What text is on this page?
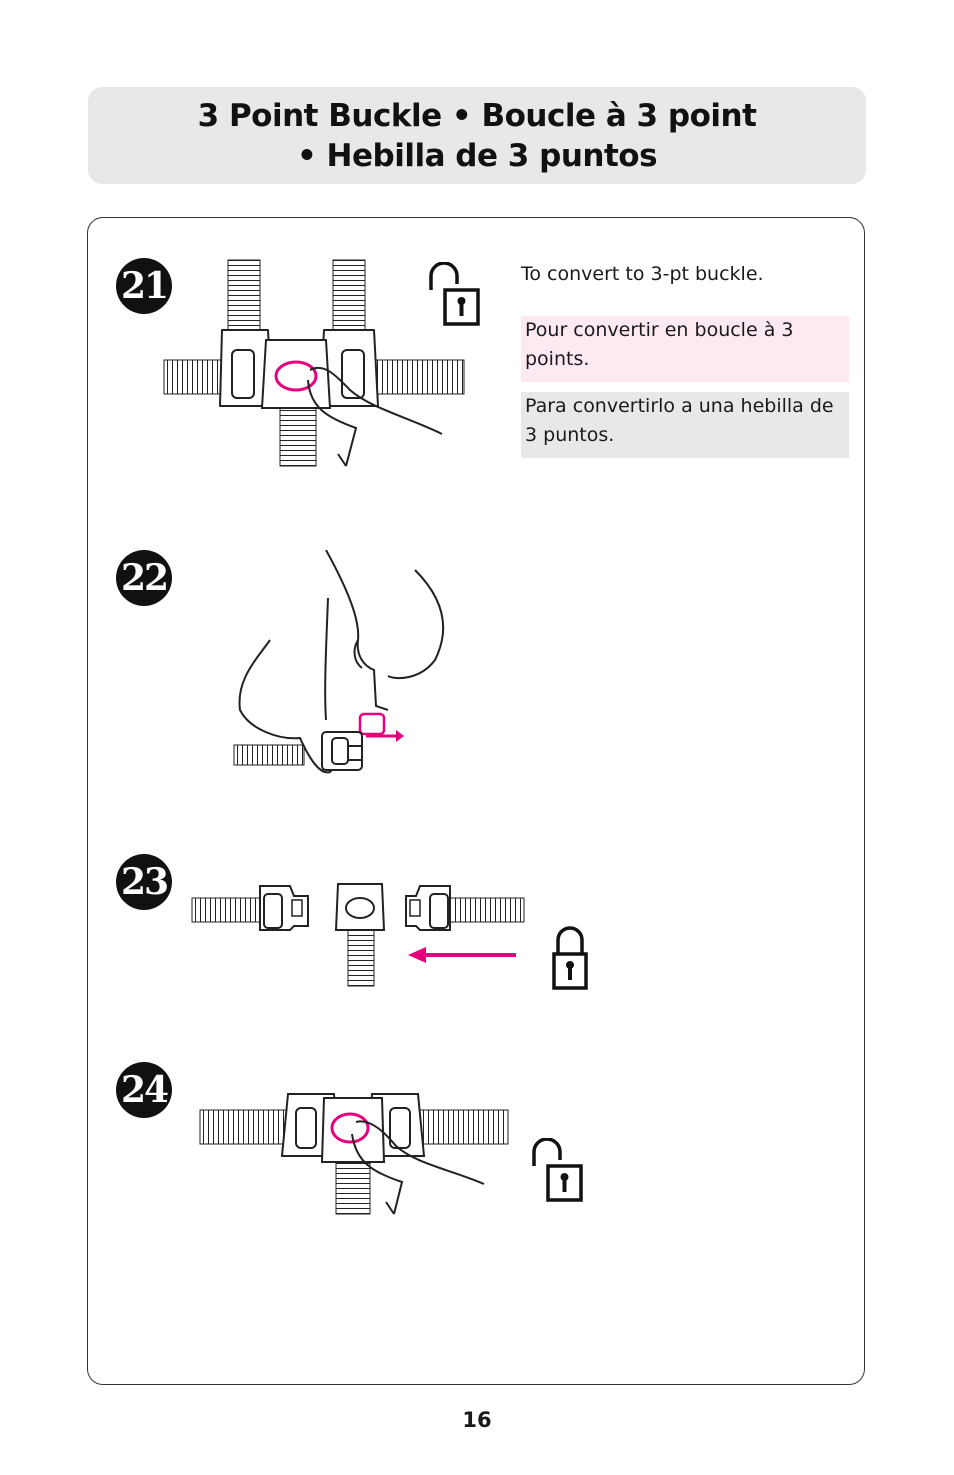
3 Point Buckle • Boucle à 3 point
• Hebilla de 3 puntos
21	To convert to 3-pt buckle.
Pour convertir en boucle à 3 points.
Para convertirlo a una hebilla de 3 puntos.
22
23
24
16
